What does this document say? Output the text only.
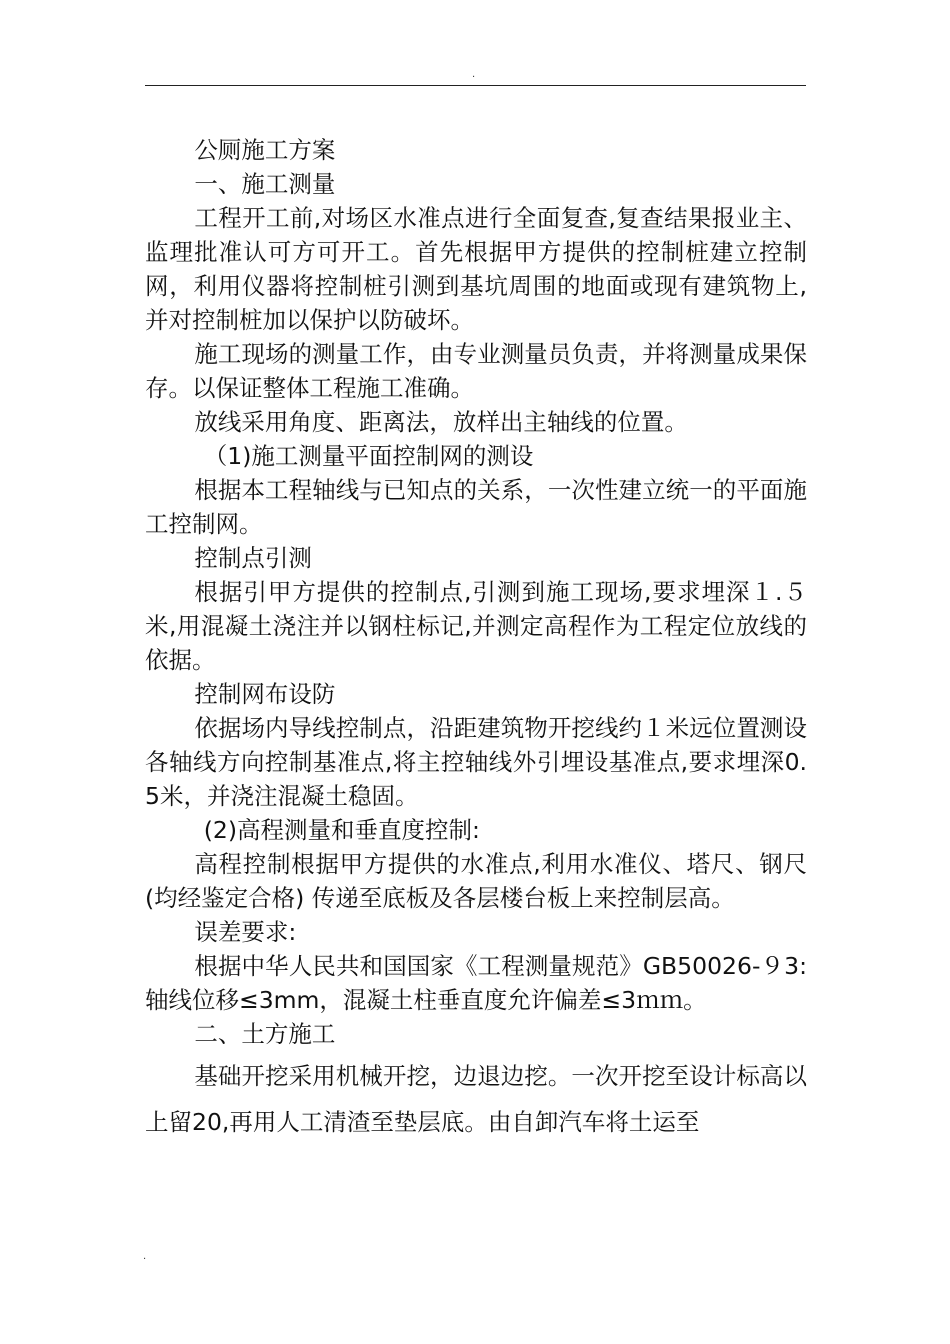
.

公厕施工方案

一、施工测量

工程开工前,对场区水准点进行全面复查,复查结果报业主、监理批准认可方可开工。首先根据甲方提供的控制桩建立控制网，利用仪器将控制桩引测到基坑周围的地面或现有建筑物上,并对控制桩加以保护以防破坏。

施工现场的测量工作，由专业测量员负责，并将测量成果保存。以保证整体工程施工准确。

放线采用角度、距离法，放样出主轴线的位置。

（1)施工测量平面控制网的测设

根据本工程轴线与已知点的关系，一次性建立统一的平面施工控制网。

控制点引测

根据引甲方提供的控制点,引测到施工现场,要求埋深１.５米,用混凝土浇注并以钢柱标记,并测定高程作为工程定位放线的依据。

控制网布设防

依据场内导线控制点，沿距建筑物开挖线约１米远位置测设各轴线方向控制基准点,将主控轴线外引埋设基准点,要求埋深0.5米，并浇注混凝土稳固。

(2)高程测量和垂直度控制:

高程控制根据甲方提供的水准点,利用水准仪、塔尺、钢尺(均经鉴定合格) 传递至底板及各层楼台板上来控制层高。

误差要求:

根据中华人民共和国国家《工程测量规范》GB50026-９3:轴线位移≤3mm，混凝土柱垂直度允许偏差≤3ｍｍ。

二、土方施工

基础开挖采用机械开挖，边退边挖。一次开挖至设计标高以上留20,再用人工清渣至垫层底。由自卸汽车将土运至

.
